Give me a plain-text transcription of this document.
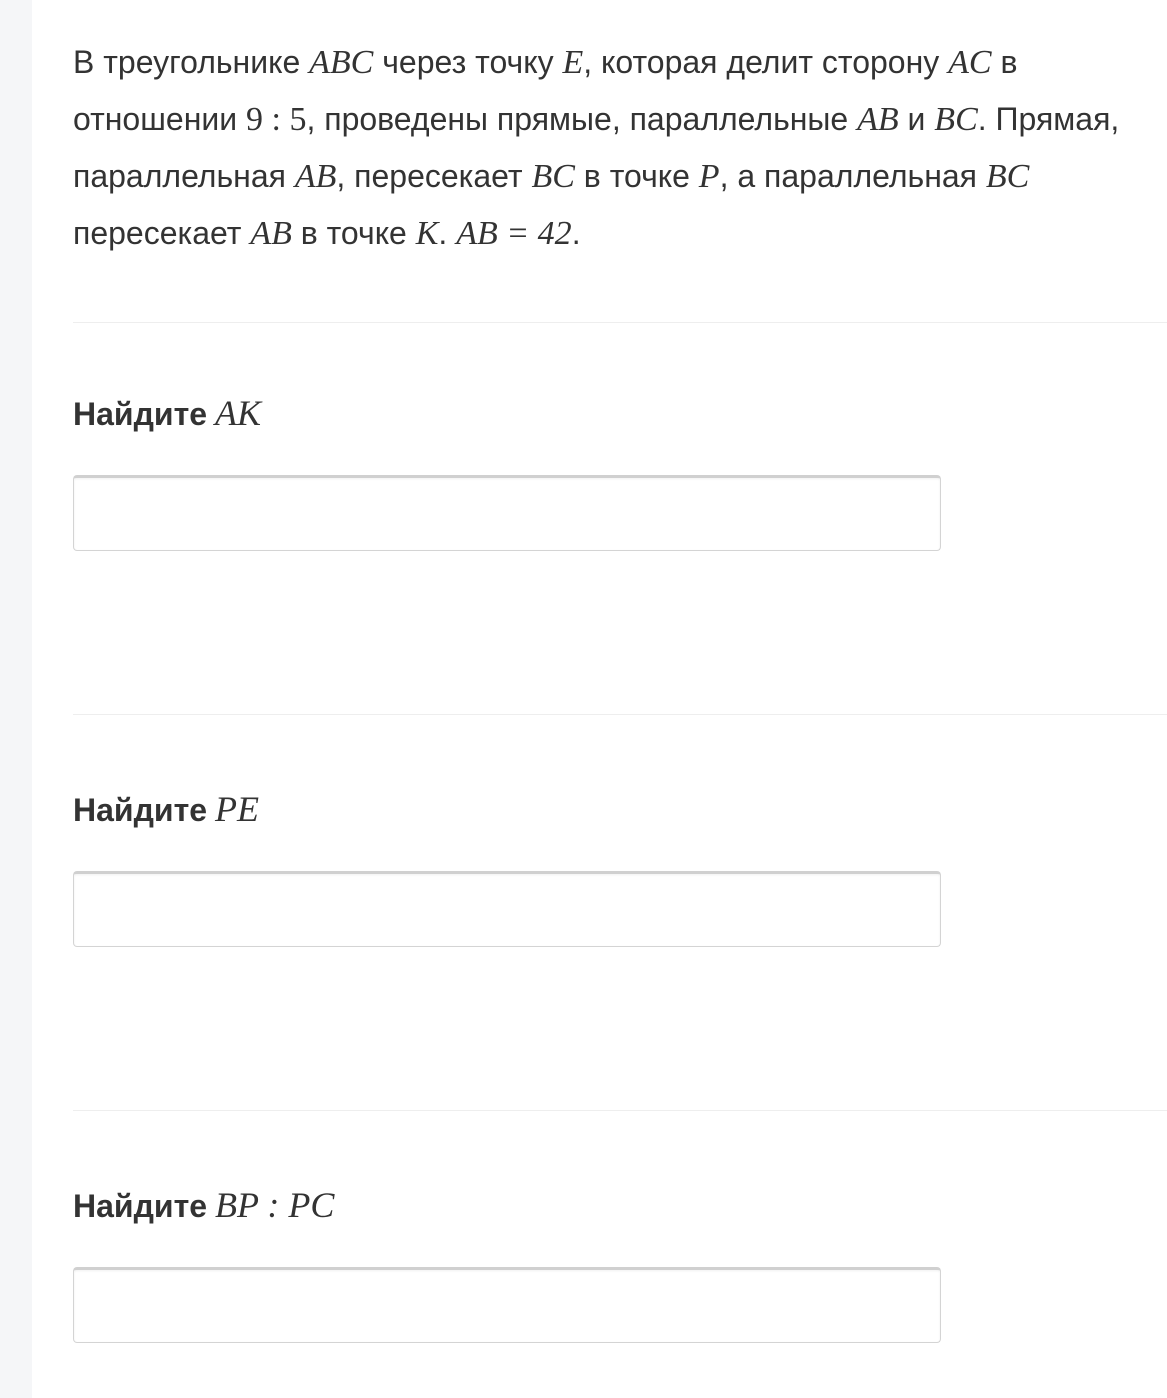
В треугольнике ABC через точку E, которая делит сторону AC в отношении 9 : 5, проведены прямые, параллельные AB и BC. Прямая, параллельная AB, пересекает BC в точке P, а параллельная BC пересекает AB в точке K. AB = 42.

Найдите AK

Найдите PE

Найдите BP : PC
